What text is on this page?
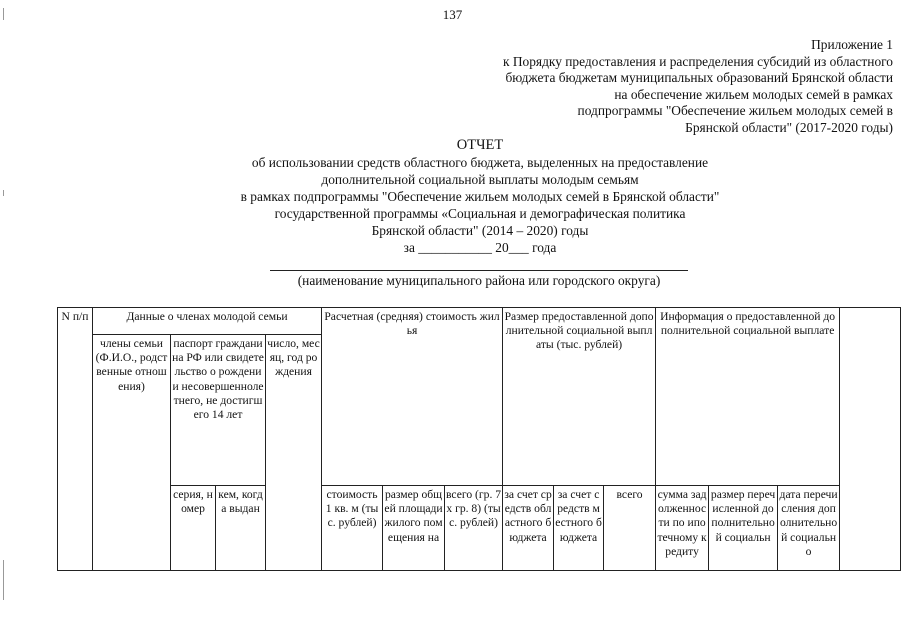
137
Приложение 1
к Порядку предоставления и распределения субсидий из областного
бюджета бюджетам муниципальных образований Брянской области
на обеспечение жильем молодых семей в рамках
подпрограммы "Обеспечение жильем молодых семей в
Брянской области" (2017-2020 годы)
ОТЧЕТ
об использовании средств областного бюджета, выделенных на предоставление
дополнительной социальной выплаты молодым семьям
в рамках подпрограммы "Обеспечение жильем молодых семей в Брянской области"
государственной программы «Социальная и демографическая политика
Брянской области" (2014 – 2020) годы
за ___________ 20___ года
(наименование муниципального района или городского округа)
N п/п	Данные о членах молодой семьи				Расчетная (средняя) стоимость жилья			Размер предоставленной дополнительной социальной выплаты (тыс. рублей)			Информация о предоставленной дополнительной социальной выплате			
	члены семьи (Ф.И.О., родственные отношения)	паспорт гражданина РФ или свидетельство о рождении несовершеннолетнего, не достигшего 14 лет		число, месяц, год рождения										
		серия, номер	кем, когда выдан		стоимость 1 кв. м (тыс. рублей)	размер общей площади жилого помещения на	всего (гр. 7 х гр. 8) (тыс. рублей)	за счет средств областного бюджета	за счет средств местного бюджета	всего	сумма задолженности по ипотечному кредиту	размер перечисленной дополнительной социальн	дата перечисления дополнительной социально	
